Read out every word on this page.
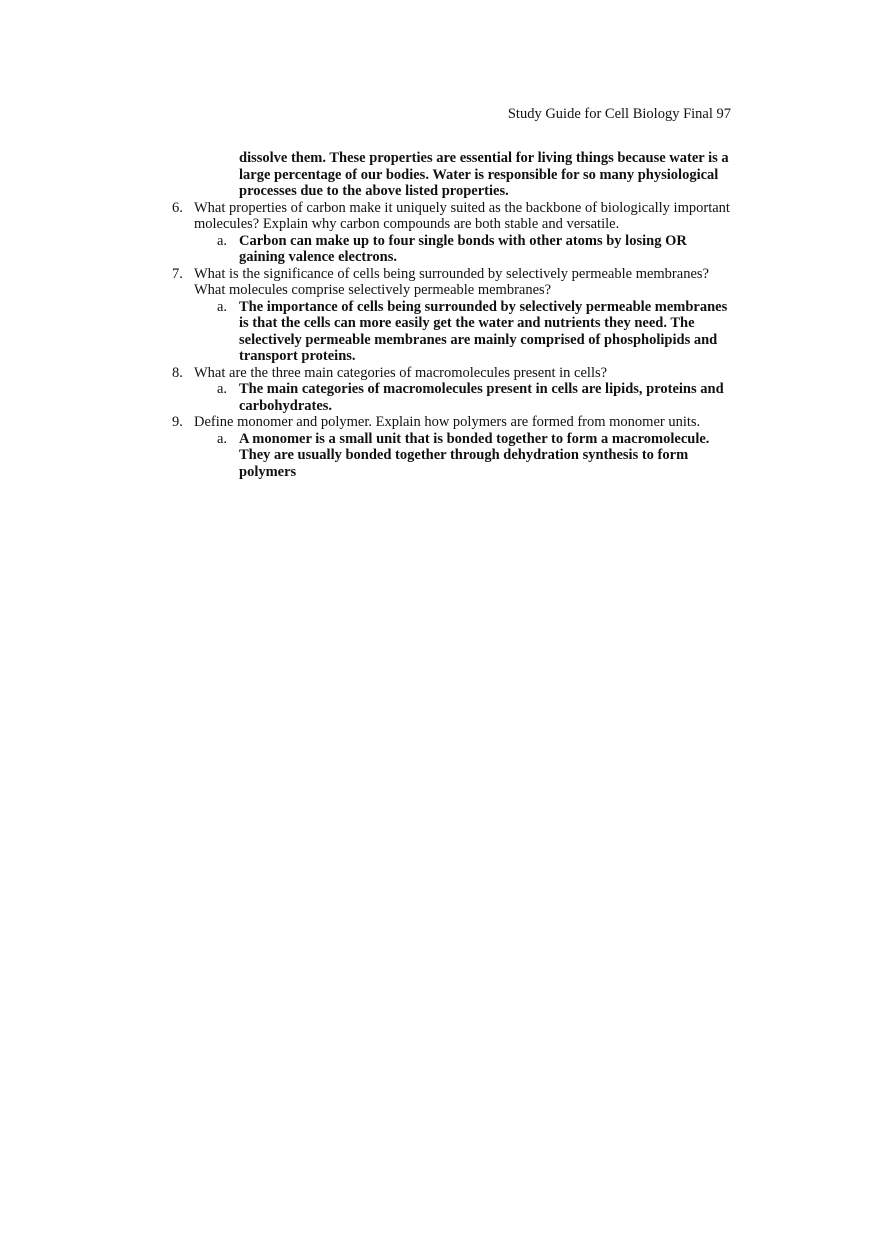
Study Guide for Cell Biology Final 97
dissolve them. These properties are essential for living things because water is a large percentage of our bodies. Water is responsible for so many physiological processes due to the above listed properties.
6. What properties of carbon make it uniquely suited as the backbone of biologically important molecules? Explain why carbon compounds are both stable and versatile.
a. Carbon can make up to four single bonds with other atoms by losing OR gaining valence electrons.
7. What is the significance of cells being surrounded by selectively permeable membranes? What molecules comprise selectively permeable membranes?
a. The importance of cells being surrounded by selectively permeable membranes is that the cells can more easily get the water and nutrients they need. The selectively permeable membranes are mainly comprised of phospholipids and transport proteins.
8. What are the three main categories of macromolecules present in cells?
a. The main categories of macromolecules present in cells are lipids, proteins and carbohydrates.
9. Define monomer and polymer. Explain how polymers are formed from monomer units.
a. A monomer is a small unit that is bonded together to form a macromolecule. They are usually bonded together through dehydration synthesis to form polymers
